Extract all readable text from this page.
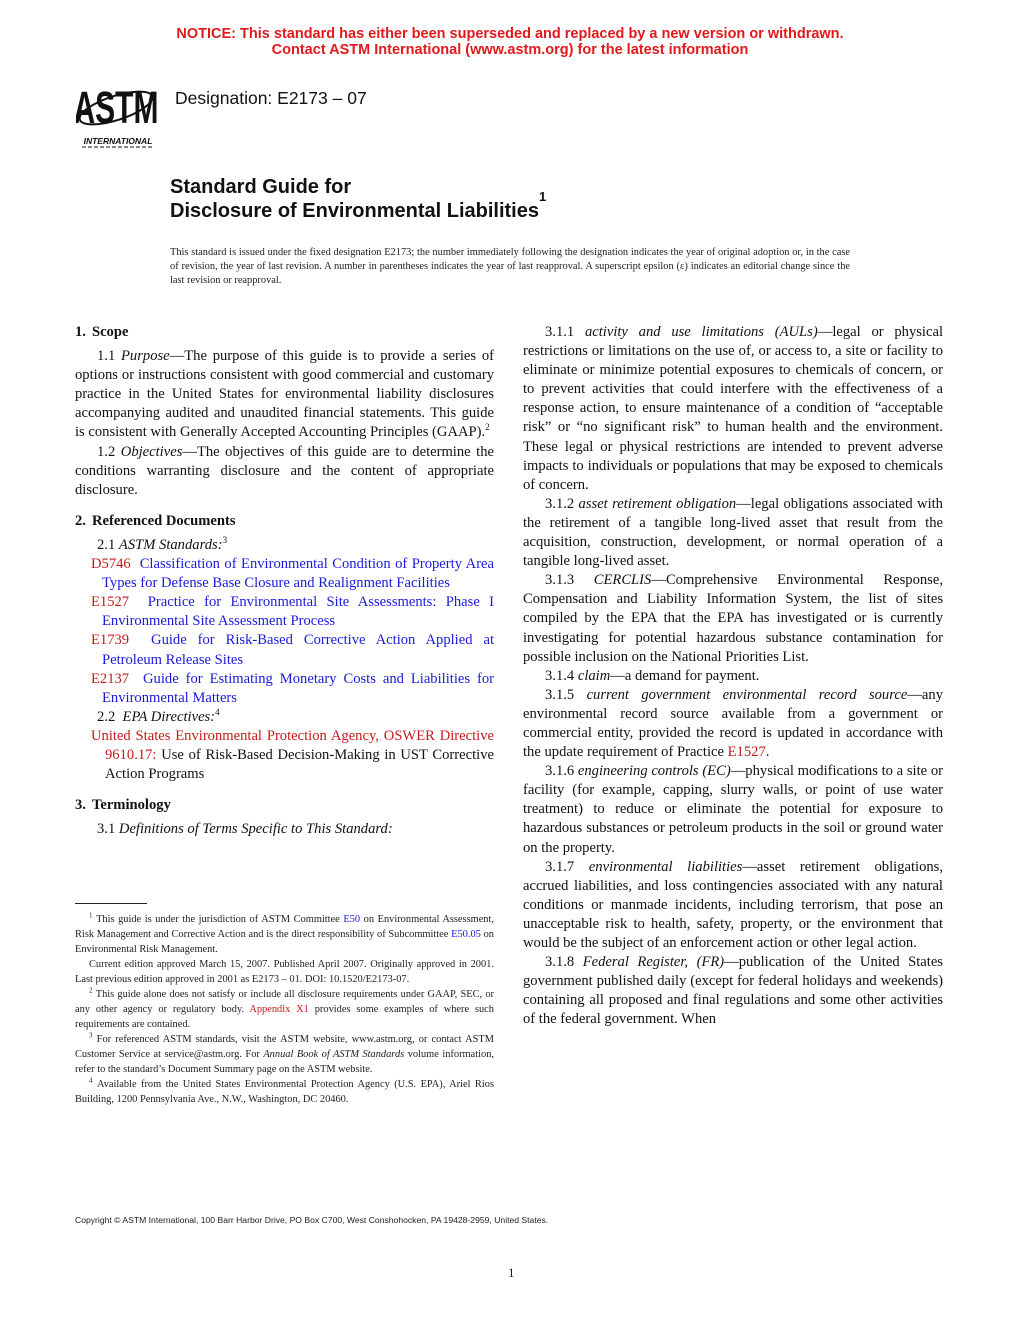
NOTICE: This standard has either been superseded and replaced by a new version or withdrawn.
Contact ASTM International (www.astm.org) for the latest information
ASTM
INTERNATIONAL
Designation: E2173 – 07
Standard Guide for
Disclosure of Environmental Liabilities$^1$
This standard is issued under the fixed designation E2173; the number immediately following the designation indicates the year of original adoption or, in the case of revision, the year of last revision. A number in parentheses indicates the year of last reapproval. A superscript epsilon (ε) indicates an editorial change since the last revision or reapproval.
1. Scope

1.1 Purpose—The purpose of this guide is to provide a series of options or instructions consistent with good commercial and customary practice in the United States for environmental liability disclosures accompanying audited and unaudited financial statements. This guide is consistent with Generally Accepted Accounting Principles (GAAP).$^2$

1.2 Objectives—The objectives of this guide are to determine the conditions warranting disclosure and the content of appropriate disclosure.

2. Referenced Documents

2.1 ASTM Standards:$^3$

D5746 Classification of Environmental Condition of Property Area Types for Defense Base Closure and Realignment Facilities

E1527 Practice for Environmental Site Assessments: Phase I Environmental Site Assessment Process

E1739 Guide for Risk-Based Corrective Action Applied at Petroleum Release Sites

E2137 Guide for Estimating Monetary Costs and Liabilities for Environmental Matters

2.2 EPA Directives:$^4$

United States Environmental Protection Agency, OSWER Directive 9610.17: Use of Risk-Based Decision-Making in UST Corrective Action Programs

3. Terminology

3.1 Definitions of Terms Specific to This Standard:

3.1.1 activity and use limitations (AULs)—legal or physical restrictions or limitations on the use of, or access to, a site or facility to eliminate or minimize potential exposures to chemicals of concern, or to prevent activities that could interfere with the effectiveness of a response action, to ensure maintenance of a condition of “acceptable risk” or “no significant risk” to human health and the environment. These legal or physical restrictions are intended to prevent adverse impacts to individuals or populations that may be exposed to chemicals of concern.

3.1.2 asset retirement obligation—legal obligations associated with the retirement of a tangible long-lived asset that result from the acquisition, construction, development, or normal operation of a tangible long-lived asset.

3.1.3 CERCLIS—Comprehensive Environmental Response, Compensation and Liability Information System, the list of sites compiled by the EPA that the EPA has investigated or is currently investigating for potential hazardous substance contamination for possible inclusion on the National Priorities List.

3.1.4 claim—a demand for payment.

3.1.5 current government environmental record source—any environmental record source available from a government or commercial entity, provided the record is updated in accordance with the update requirement of Practice E1527.

3.1.6 engineering controls (EC)—physical modifications to a site or facility (for example, capping, slurry walls, or point of use water treatment) to reduce or eliminate the potential for exposure to hazardous substances or petroleum products in the soil or ground water on the property.

3.1.7 environmental liabilities—asset retirement obligations, accrued liabilities, and loss contingencies associated with any natural conditions or manmade incidents, including terrorism, that pose an unacceptable risk to health, safety, property, or the environment that would be the subject of an enforcement action or other legal action.

3.1.8 Federal Register, (FR)—publication of the United States government published daily (except for federal holidays and weekends) containing all proposed and final regulations and some other activities of the federal government. When

$^1$ This guide is under the jurisdiction of ASTM Committee E50 on Environmental Assessment, Risk Management and Corrective Action and is the direct responsibility of Subcommittee E50.05 on Environmental Risk Management.

Current edition approved March 15, 2007. Published April 2007. Originally approved in 2001. Last previous edition approved in 2001 as E2173 – 01. DOI: 10.1520/E2173-07.

$^2$ This guide alone does not satisfy or include all disclosure requirements under GAAP, SEC, or any other agency or regulatory body. Appendix X1 provides some examples of where such requirements are contained.

$^3$ For referenced ASTM standards, visit the ASTM website, www.astm.org, or contact ASTM Customer Service at service@astm.org. For Annual Book of ASTM Standards volume information, refer to the standard’s Document Summary page on the ASTM website.

$^4$ Available from the United States Environmental Protection Agency (U.S. EPA), Ariel Rios Building, 1200 Pennsylvania Ave., N.W., Washington, DC 20460.

Copyright © ASTM International, 100 Barr Harbor Drive, PO Box C700, West Conshohocken, PA 19428-2959, United States.
1
